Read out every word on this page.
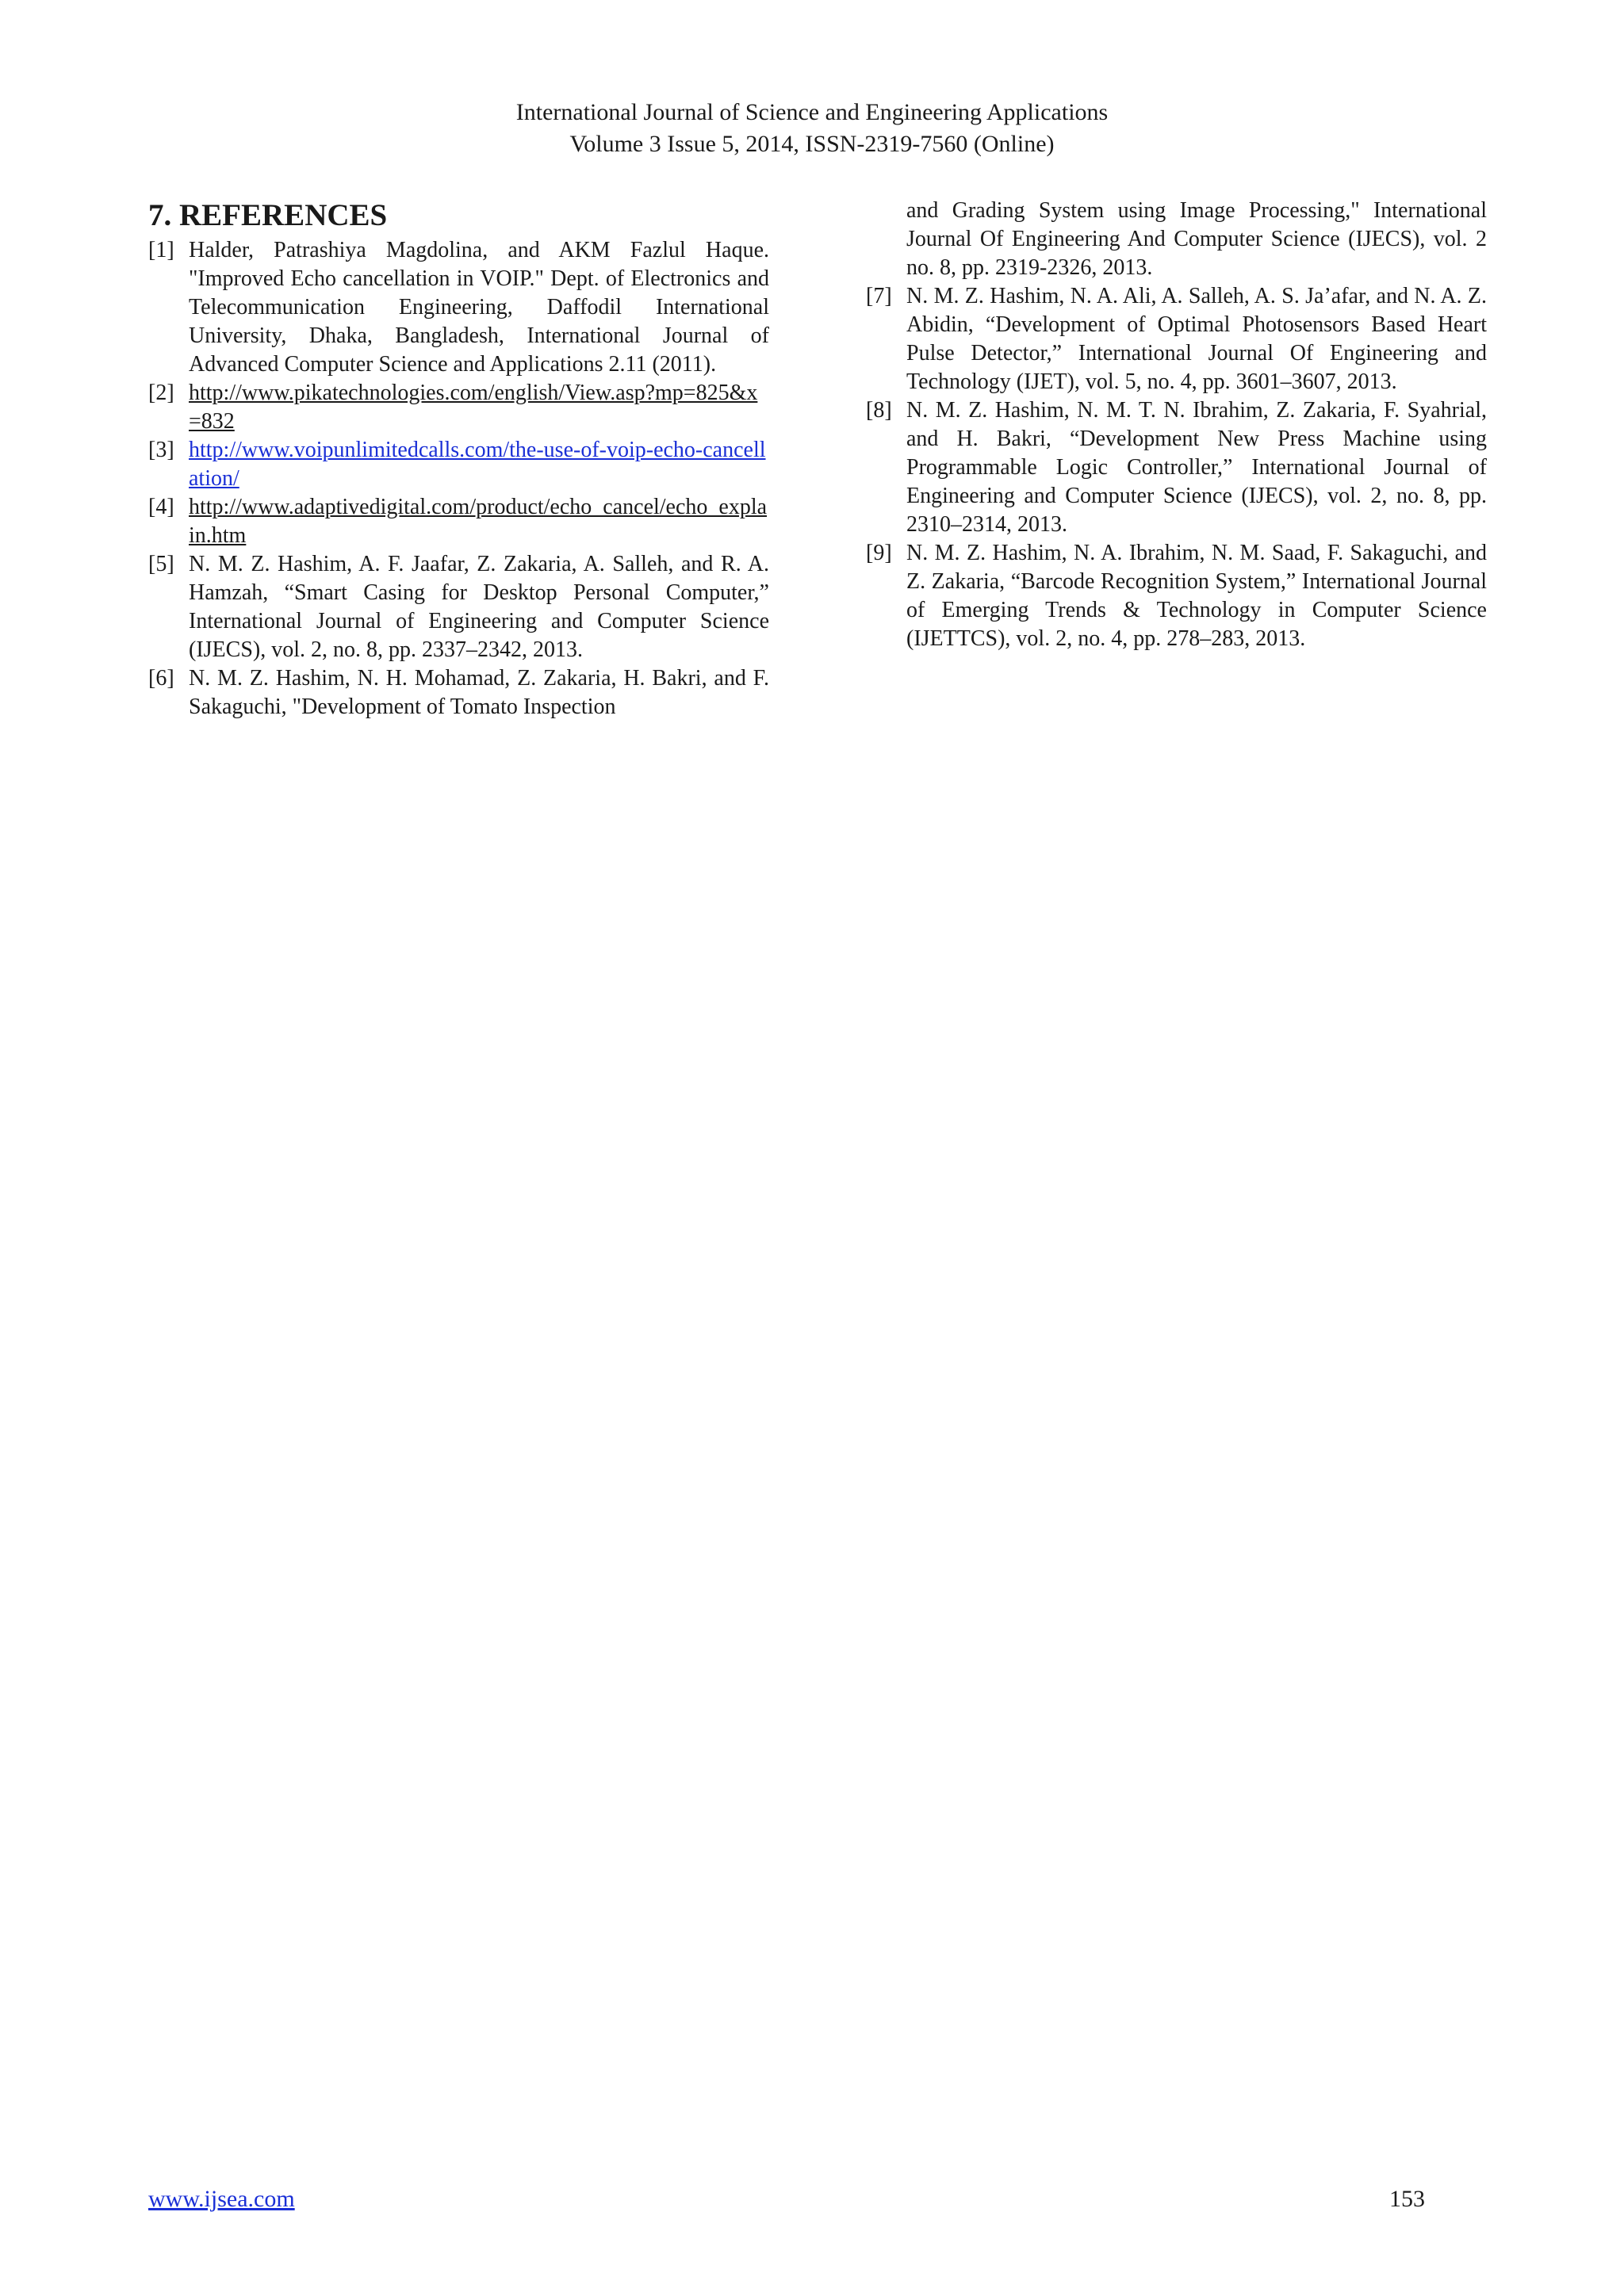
International Journal of Science and Engineering Applications
Volume 3 Issue 5, 2014, ISSN-2319-7560 (Online)
7. REFERENCES
[1] Halder, Patrashiya Magdolina, and AKM Fazlul Haque. "Improved Echo cancellation in VOIP." Dept. of Electronics and Telecommunication Engineering, Daffodil International University, Dhaka, Bangladesh, International Journal of Advanced Computer Science and Applications 2.11 (2011).
[2] http://www.pikatechnologies.com/english/View.asp?mp=825&x=832
[3] http://www.voipunlimitedcalls.com/the-use-of-voip-echo-cancellation/
[4] http://www.adaptivedigital.com/product/echo_cancel/echo_explain.htm
[5] N. M. Z. Hashim, A. F. Jaafar, Z. Zakaria, A. Salleh, and R. A. Hamzah, “Smart Casing for Desktop Personal Computer,” International Journal of Engineering and Computer Science (IJECS), vol. 2, no. 8, pp. 2337–2342, 2013.
[6] N. M. Z. Hashim, N. H. Mohamad, Z. Zakaria, H. Bakri, and F. Sakaguchi, "Development of Tomato Inspection
and Grading System using Image Processing," International Journal Of Engineering And Computer Science (IJECS), vol. 2 no. 8, pp. 2319-2326, 2013.
[7] N. M. Z. Hashim, N. A. Ali, A. Salleh, A. S. Ja’afar, and N. A. Z. Abidin, “Development of Optimal Photosensors Based Heart Pulse Detector,” International Journal Of Engineering and Technology (IJET), vol. 5, no. 4, pp. 3601–3607, 2013.
[8] N. M. Z. Hashim, N. M. T. N. Ibrahim, Z. Zakaria, F. Syahrial, and H. Bakri, “Development New Press Machine using Programmable Logic Controller,” International Journal of Engineering and Computer Science (IJECS), vol. 2, no. 8, pp. 2310–2314, 2013.
[9] N. M. Z. Hashim, N. A. Ibrahim, N. M. Saad, F. Sakaguchi, and Z. Zakaria, “Barcode Recognition System,” International Journal of Emerging Trends & Technology in Computer Science (IJETTCS), vol. 2, no. 4, pp. 278–283, 2013.
www.ijsea.com	153
